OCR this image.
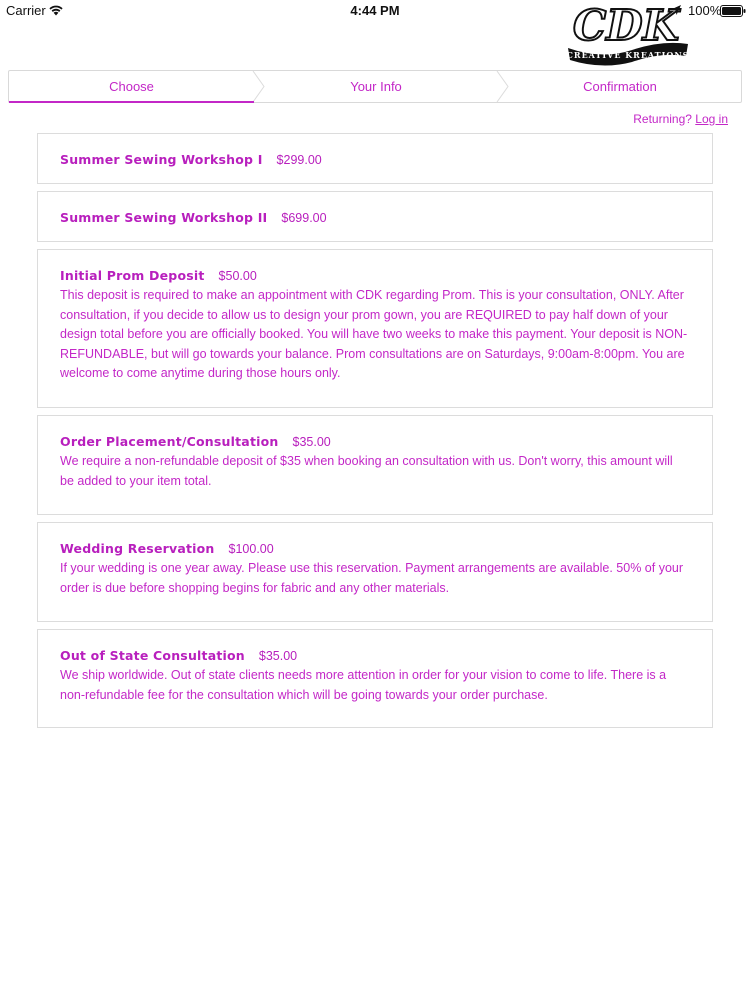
Carrier	4:44 PM	100%
CREATIVE KREATIONS
CDK
Choose	Your Info	Confirmation
Returning? Log in
Summer Sewing Workshop I $299.00
Summer Sewing Workshop II $699.00
Initial Prom Deposit $50.00
This deposit is required to make an appointment with CDK regarding Prom. This is your consultation, ONLY. After consultation, if you decide to allow us to design your prom gown, you are REQUIRED to pay half down of your design total before you are officially booked. You will have two weeks to make this payment. Your deposit is NON-REFUNDABLE, but will go towards your balance. Prom consultations are on Saturdays, 9:00am-8:00pm. You are welcome to come anytime during those hours only.
Order Placement/Consultation $35.00
We require a non-refundable deposit of $35 when booking an consultation with us. Don't worry, this amount will be added to your item total.
Wedding Reservation $100.00
If your wedding is one year away. Please use this reservation. Payment arrangements are available. 50% of your order is due before shopping begins for fabric and any other materials.
Out of State Consultation $35.00
We ship worldwide. Out of state clients needs more attention in order for your vision to come to life. There is a non-refundable fee for the consultation which will be going towards your order purchase.
